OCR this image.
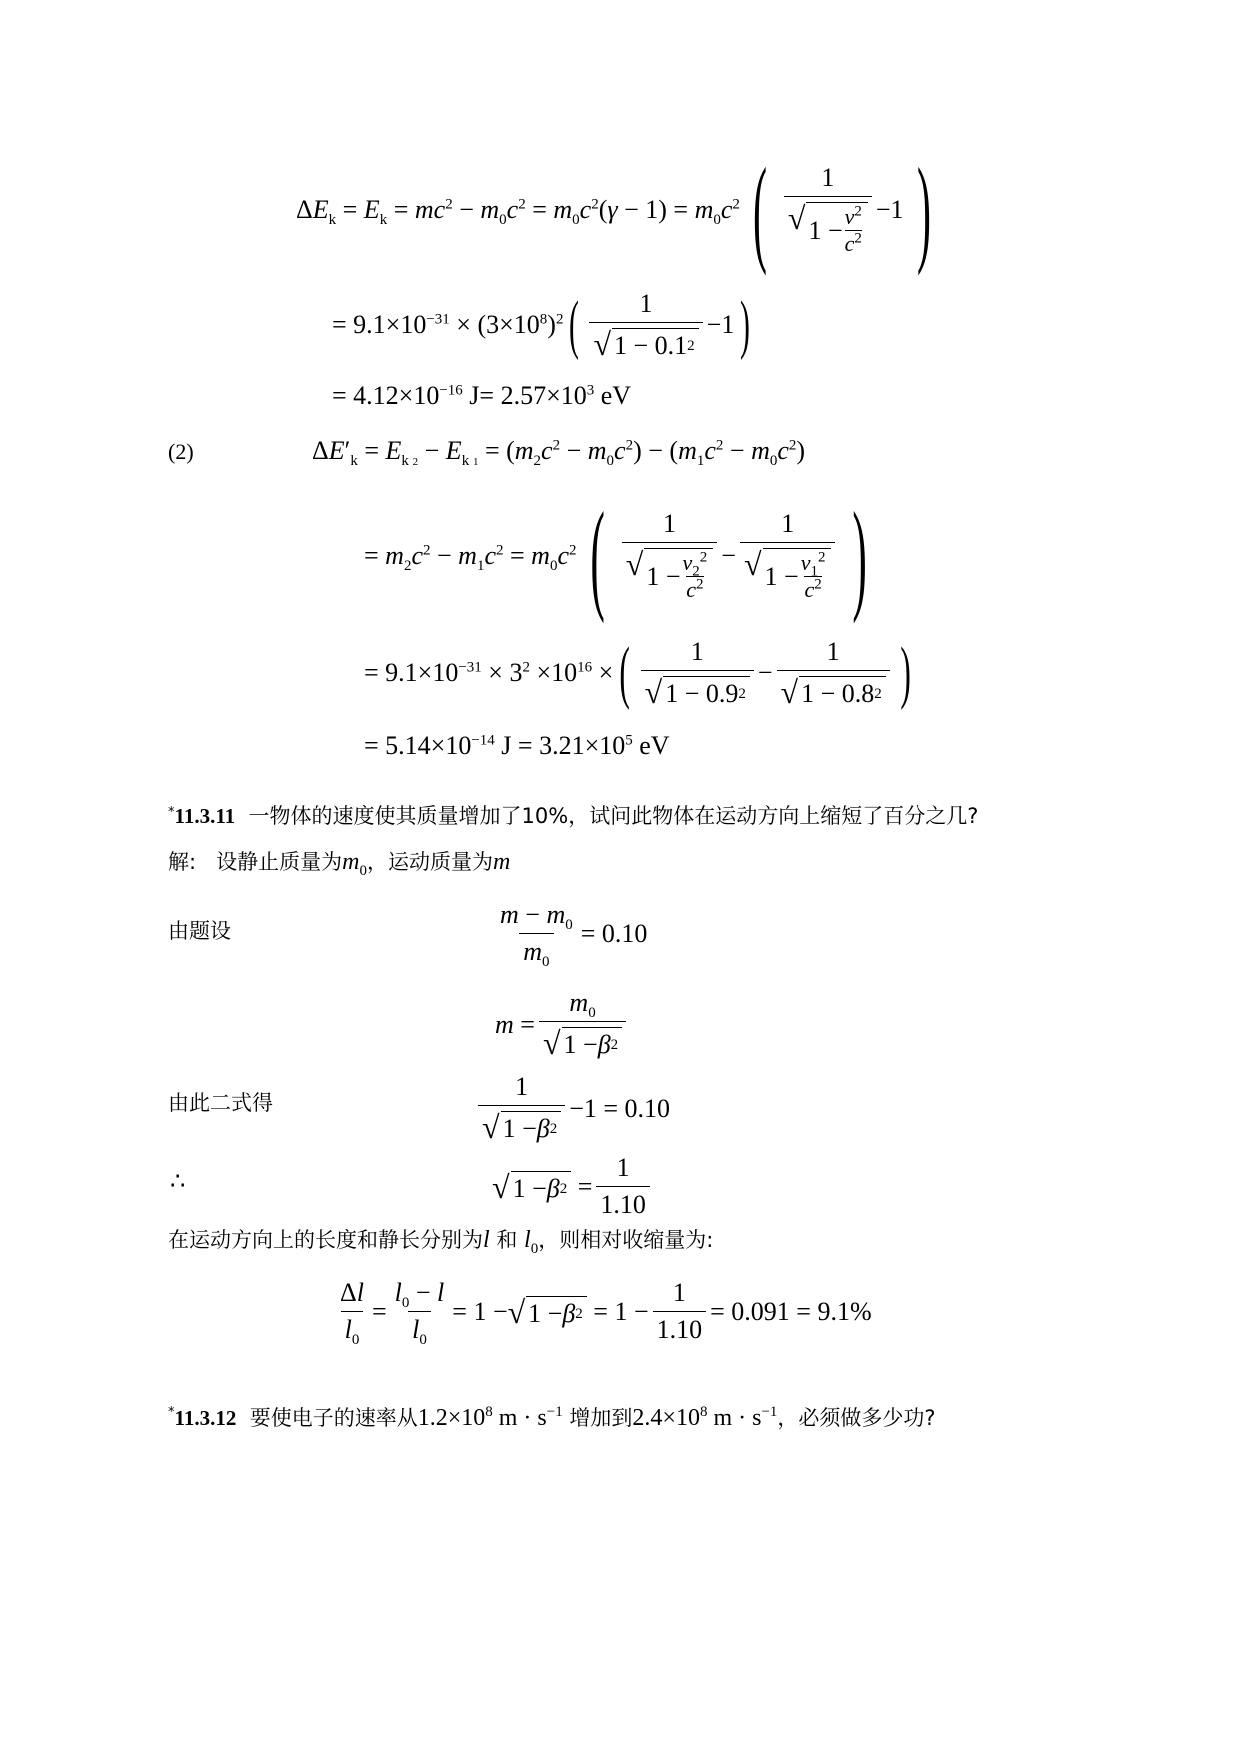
$\Delta E_k = E_k = mc^2 - m_0c^2 = m_0c^2(\gamma - 1) = m_0c^2$ ( 1
√ $1 - v^2$
$c^2 -1$ )
= $9.1\times 10^{-31} \times (3\times 10^8)^2$ ( $\frac{1}{√ 1 - 0.1 2} -1$ )
= $4.12\times 10^{-16}$ $J= 2.57\times 10^3$ eV
(2)	$\Delta E'_k = E_{k 2} - E_{k 1} = (m_2c^2 - m_0c^2) - (m_1c^2 - m_0c^2)$
= $m_2c^2 - m_1c^2 = m_0c^2$ ( 1
√ $1 - v_2^2$
$c^2 - 1$
√ $1 - v_1^2$
$c^2$ )
= $9.1\times 10^{-31} \times 3^2 \times 10^{16}$ × ( $\frac{1}{√ 1 - 0.9 2} - \frac{1}{√ 1 - 0.8 2}$ )
= $5.14\times 10^{-14}$ $J = 3.21\times 10^5$ eV
*11.3.11 一物体的速度使其质量增加了10%，试问此物体在运动方向上缩短了百分之几?
解: 设静止质量为$m_0$，运动质量为m
由题设	$\frac{m - m_0}{m_0} = 0.10$
$m = \frac{m_0}{√ 1 - \beta 2}$
由此二式得	$\frac{1}{√ 1 - \beta 2} -1 = 0.10$
∴	√ 1 − β $2 = \frac{1}{1.10}$
在运动方向上的长度和静长分别为l 和 $l_0$，则相对收缩量为:
$\frac{\Delta l}{l_0} = \frac{l_0 - l}{l_0} = 1$ − √ 1 − β $2 = 1 - \frac{1}{1.10} = 0.091 = 9.1\%$
*11.3.12 要使电子的速率从$1.2\times 10^8$ $m \cdot s^{-1}$ 增加到$2.4\times 10^8$ $m \cdot s^{-1}$，必须做多少功?
